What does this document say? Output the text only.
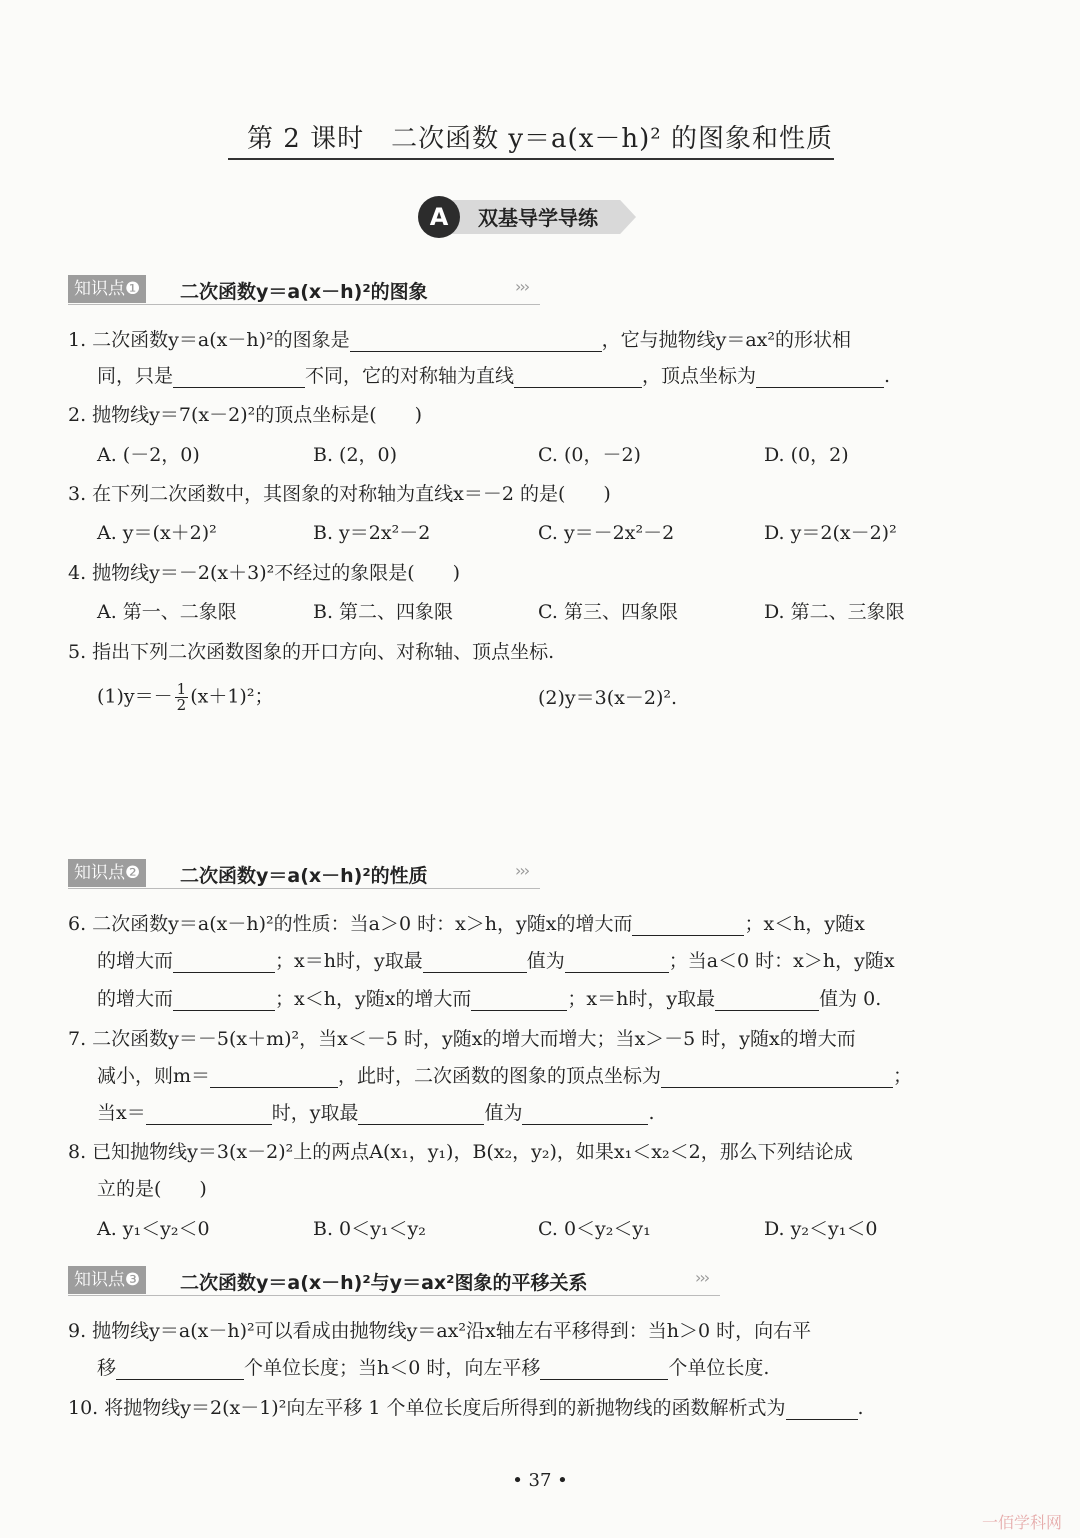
第 2 课时　二次函数 y＝a(x－h)² 的图象和性质
A	双基导学导练
知识点❶	二次函数y＝a(x－h)²的图象	›››
1. 二次函数y＝a(x－h)²的图象是	，它与抛物线y＝ax²的形状相
同，只是	不同，它的对称轴为直线	，顶点坐标为	.
2. 抛物线y＝7(x－2)²的顶点坐标是(　　)
A. (－2，0)	B. (2，0)	C. (0，－2)	D. (0，2)
3. 在下列二次函数中，其图象的对称轴为直线x＝－2 的是(　　)
A. y＝(x＋2)²	B. y＝2x²－2	C. y＝－2x²－2	D. y＝2(x－2)²
4. 抛物线y＝－2(x＋3)²不经过的象限是(　　)
A. 第一、二象限	B. 第二、四象限	C. 第三、四象限	D. 第二、三象限
5. 指出下列二次函数图象的开口方向、对称轴、顶点坐标.
$(1)y=- \frac{1}{2} (x+1)^2$；	(2)y＝3(x－2)².
知识点❷	二次函数y＝a(x－h)²的性质	›››
6. 二次函数y＝a(x－h)²的性质：当a＞0 时：x＞h，y随x的增大而	；x＜h，y随x
的增大而	；x＝h时，y取最	值为	；当a＜0 时：x＞h，y随x
的增大而	；x＜h，y随x的增大而	；x＝h时，y取最	值为 0.
7. 二次函数y＝－5(x＋m)²，当x＜－5 时，y随x的增大而增大；当x＞－5 时，y随x的增大而
减小，则m＝	，此时，二次函数的图象的顶点坐标为	；
当x＝	时，y取最	值为	.
8. 已知抛物线y＝3(x－2)²上的两点A(x₁，y₁)，B(x₂，y₂)，如果x₁＜x₂＜2，那么下列结论成
立的是(　　)
A. y₁＜y₂＜0	B. 0＜y₁＜y₂	C. 0＜y₂＜y₁	D. y₂＜y₁＜0
知识点❸	二次函数y＝a(x－h)²与y＝ax²图象的平移关系	›››
9. 抛物线y＝a(x－h)²可以看成由抛物线y＝ax²沿x轴左右平移得到：当h＞0 时，向右平
移	个单位长度；当h＜0 时，向左平移	个单位长度.
10. 将抛物线y＝2(x－1)²向左平移 1 个单位长度后所得到的新抛物线的函数解析式为	.
• 37 •
一佰学科网
